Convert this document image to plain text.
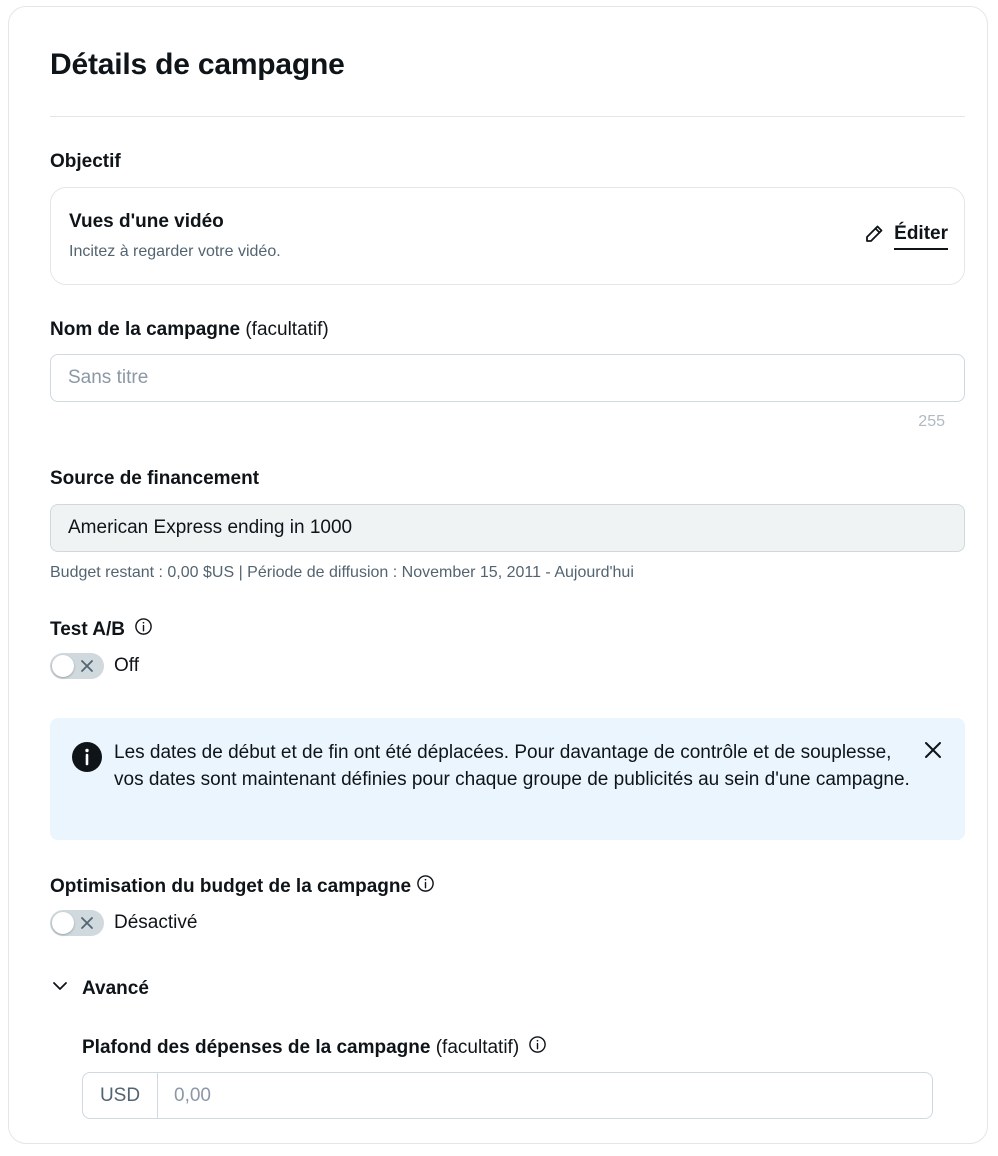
Détails de campagne
Objectif
Vues d'une vidéo
Incitez à regarder votre vidéo.
Éditer
Nom de la campagne (facultatif)
Sans titre
255
Source de financement
American Express ending in 1000
Budget restant : 0,00 $US | Période de diffusion : November 15, 2011 - Aujourd'hui
Test A/B
Off
Les dates de début et de fin ont été déplacées. Pour davantage de contrôle et de souplesse, vos dates sont maintenant définies pour chaque groupe de publicités au sein d'une campagne.
Optimisation du budget de la campagne
Désactivé
Avancé
Plafond des dépenses de la campagne (facultatif)
USD	0,00
